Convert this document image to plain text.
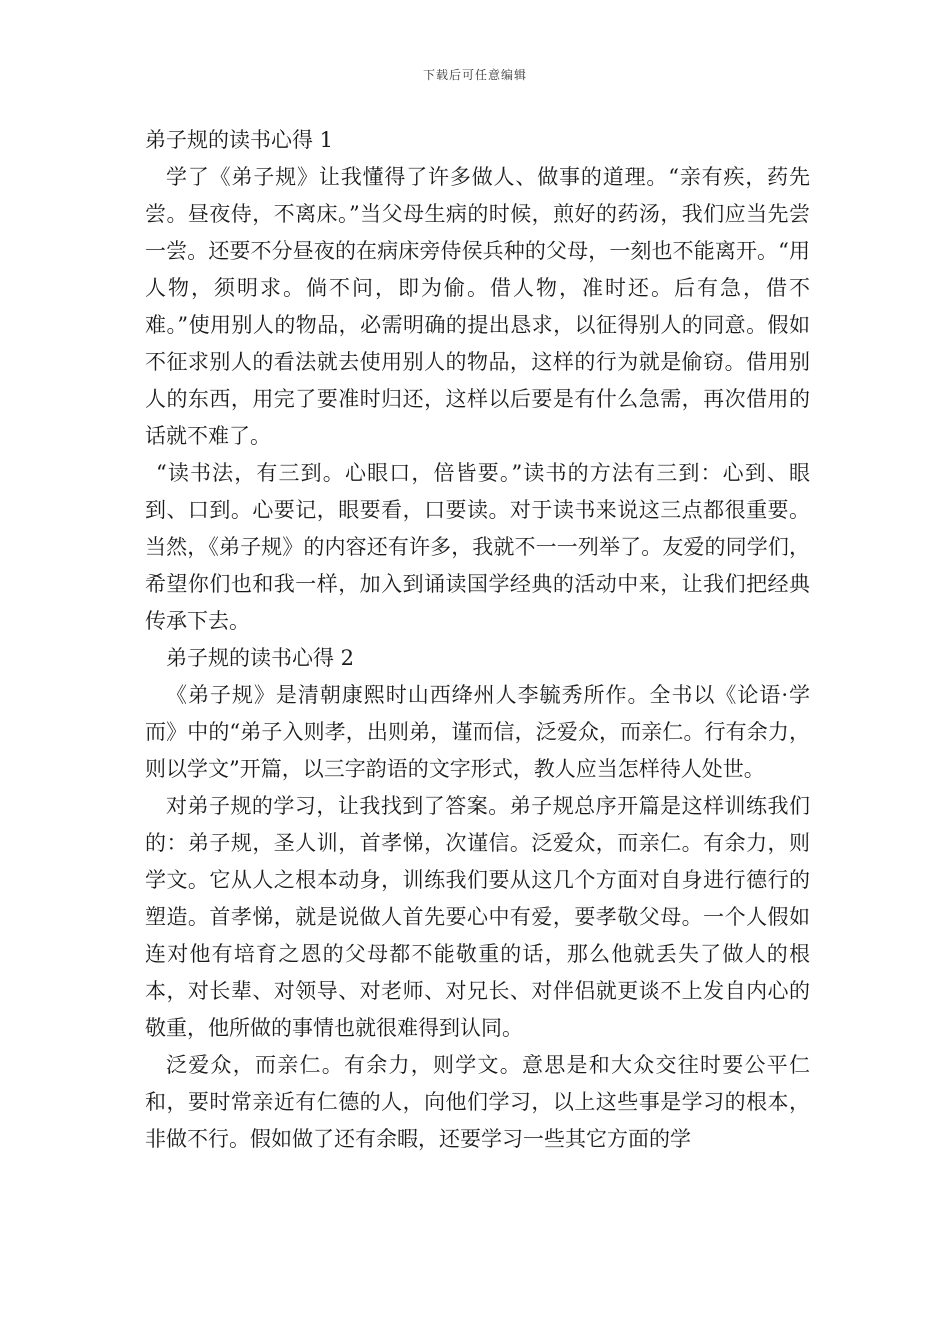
下载后可任意编辑
弟子规的读书心得 1

学了《弟子规》让我懂得了许多做人、做事的道理。“亲有疾，药先尝。昼夜侍，不离床。”当父母生病的时候，煎好的药汤，我们应当先尝一尝。还要不分昼夜的在病床旁侍侯兵种的父母，一刻也不能离开。“用人物，须明求。倘不问，即为偷。借人物，准时还。后有急，借不难。”使用别人的物品，必需明确的提出恳求，以征得别人的同意。假如不征求别人的看法就去使用别人的物品，这样的行为就是偷窃。借用别人的东西，用完了要准时归还，这样以后要是有什么急需，再次借用的话就不难了。

“读书法，有三到。心眼口，倍皆要。”读书的方法有三到：心到、眼到、口到。心要记，眼要看，口要读。对于读书来说这三点都很重要。当然，《弟子规》的内容还有许多，我就不一一列举了。友爱的同学们，希望你们也和我一样，加入到诵读国学经典的活动中来，让我们把经典传承下去。

弟子规的读书心得 2

《弟子规》是清朝康熙时山西绛州人李毓秀所作。全书以《论语·学而》中的“弟子入则孝，出则弟，谨而信，泛爱众，而亲仁。行有余力，则以学文”开篇，以三字韵语的文字形式，教人应当怎样待人处世。

对弟子规的学习，让我找到了答案。弟子规总序开篇是这样训练我们的：弟子规，圣人训，首孝悌，次谨信。泛爱众，而亲仁。有余力，则学文。它从人之根本动身，训练我们要从这几个方面对自身进行德行的塑造。首孝悌，就是说做人首先要心中有爱，要孝敬父母。一个人假如连对他有培育之恩的父母都不能敬重的话，那么他就丢失了做人的根本，对长辈、对领导、对老师、对兄长、对伴侣就更谈不上发自内心的敬重，他所做的事情也就很难得到认同。

泛爱众，而亲仁。有余力，则学文。意思是和大众交往时要公平仁和，要时常亲近有仁德的人，向他们学习，以上这些事是学习的根本，非做不行。假如做了还有余暇，还要学习一些其它方面的学
